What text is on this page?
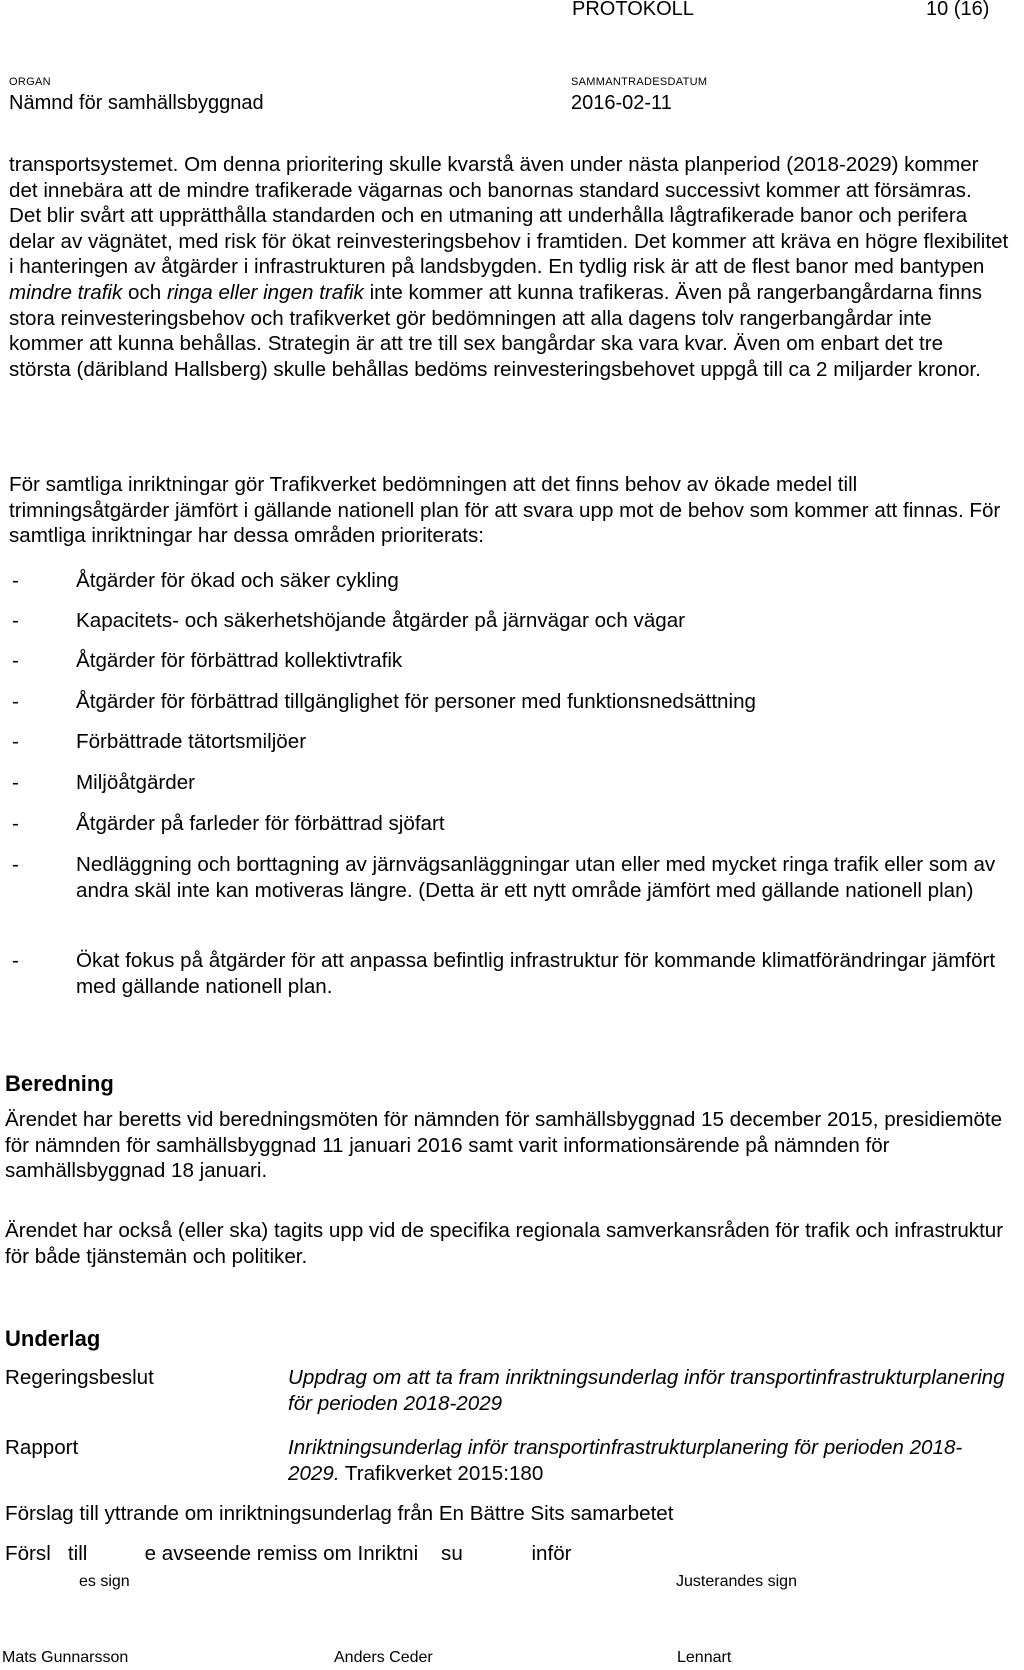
PROTOKOLL	10 (16)
ORGAN
Nämnd för samhällsbyggnad
SAMMANTRADESDATUM
2016-02-11

transportsystemet. Om denna prioritering skulle kvarstå även under nästa planperiod (2018-2029) kommer det innebära att de mindre trafikerade vägarnas och banornas standard successivt kommer att försämras. Det blir svårt att upprätthålla standarden och en utmaning att underhålla lågtrafikerade banor och perifera delar av vägnätet, med risk för ökat reinvesteringsbehov i framtiden. Det kommer att kräva en högre flexibilitet i hanteringen av åtgärder i infrastrukturen på landsbygden. En tydlig risk är att de flest banor med bantypen mindre trafik och ringa eller ingen trafik inte kommer att kunna trafikeras. Även på rangerbangårdarna finns stora reinvesteringsbehov och trafikverket gör bedömningen att alla dagens tolv rangerbangårdar inte kommer att kunna behållas. Strategin är att tre till sex bangårdar ska vara kvar. Även om enbart det tre största (däribland Hallsberg) skulle behållas bedöms reinvesteringsbehovet uppgå till ca 2 miljarder kronor.

För samtliga inriktningar gör Trafikverket bedömningen att det finns behov av ökade medel till trimningsåtgärder jämfört i gällande nationell plan för att svara upp mot de behov som kommer att finnas. För samtliga inriktningar har dessa områden prioriterats:

-	Åtgärder för ökad och säker cykling
-	Kapacitets- och säkerhetshöjande åtgärder på järnvägar och vägar
-	Åtgärder för förbättrad kollektivtrafik
-	Åtgärder för förbättrad tillgänglighet för personer med funktionsnedsättning
-	Förbättrade tätortsmiljöer
-	Miljöåtgärder
-	Åtgärder på farleder för förbättrad sjöfart
-	Nedläggning och borttagning av järnvägsanläggningar utan eller med mycket ringa trafik eller som av andra skäl inte kan motiveras längre. (Detta är ett nytt område jämfört med gällande nationell plan)
-	Ökat fokus på åtgärder för att anpassa befintlig infrastruktur för kommande klimatförändringar jämfört med gällande nationell plan.
Beredning

Ärendet har beretts vid beredningsmöten för nämnden för samhällsbyggnad 15 december 2015, presidiemöte för nämnden för samhällsbyggnad 11 januari 2016 samt varit informationsärende på nämnden för samhällsbyggnad 18 januari.

Ärendet har också (eller ska) tagits upp vid de specifika regionala samverkansråden för trafik och infrastruktur för både tjänstemän och politiker.

Underlag
Regeringsbeslut	Uppdrag om att ta fram inriktningsunderlag inför transportinfrastrukturplanering för perioden 2018-2029
Rapport	Inriktningsunderlag inför transportinfrastrukturplanering för perioden 2018-2029. Trafikverket 2015:180
Förslag till yttrande om inriktningsunderlag från En Bättre Sits samarbetet
Försl   till          e avseende remiss om Inriktni    su            inför
es sign	Justerandes sign
Mats Gunnarsson	Anders Ceder	Lennart
